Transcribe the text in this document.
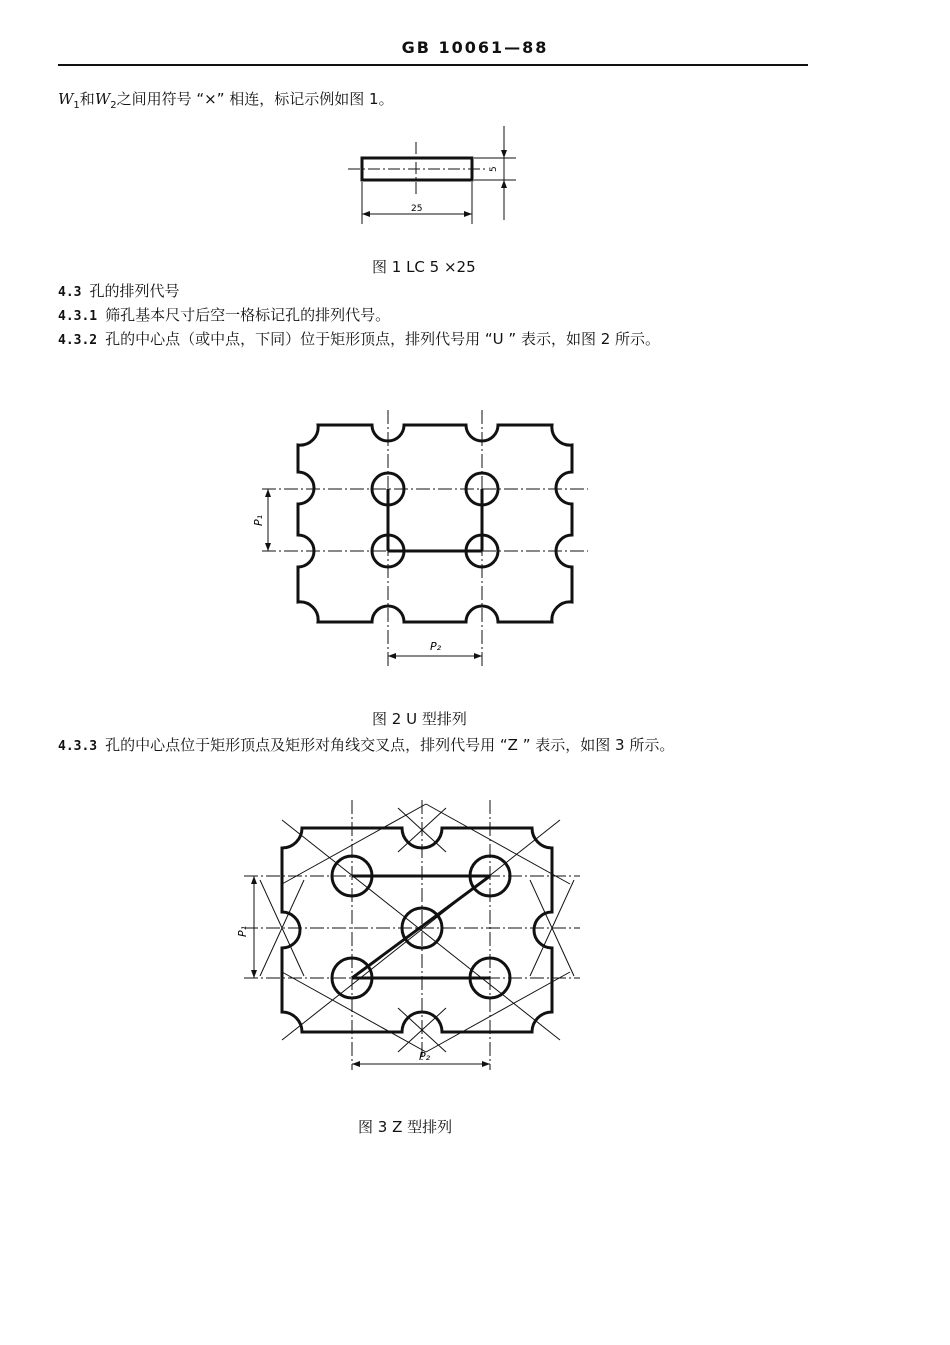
GB 10061—88
$W_1$和$W_2$之间用符号 “×” 相连，标记示例如图 1。
25
5
图 1 LC 5 ×25
4.3 孔的排列代号
4.3.1 筛孔基本尺寸后空一格标记孔的排列代号。
4.3.2 孔的中心点（或中点，下同）位于矩形顶点，排列代号用 “U ” 表示，如图 2 所示。
P₁
P₂
图 2 U 型排列
4.3.3 孔的中心点位于矩形顶点及矩形对角线交叉点，排列代号用 “Z ” 表示，如图 3 所示。
P₁
P₂
图 3 Z 型排列
